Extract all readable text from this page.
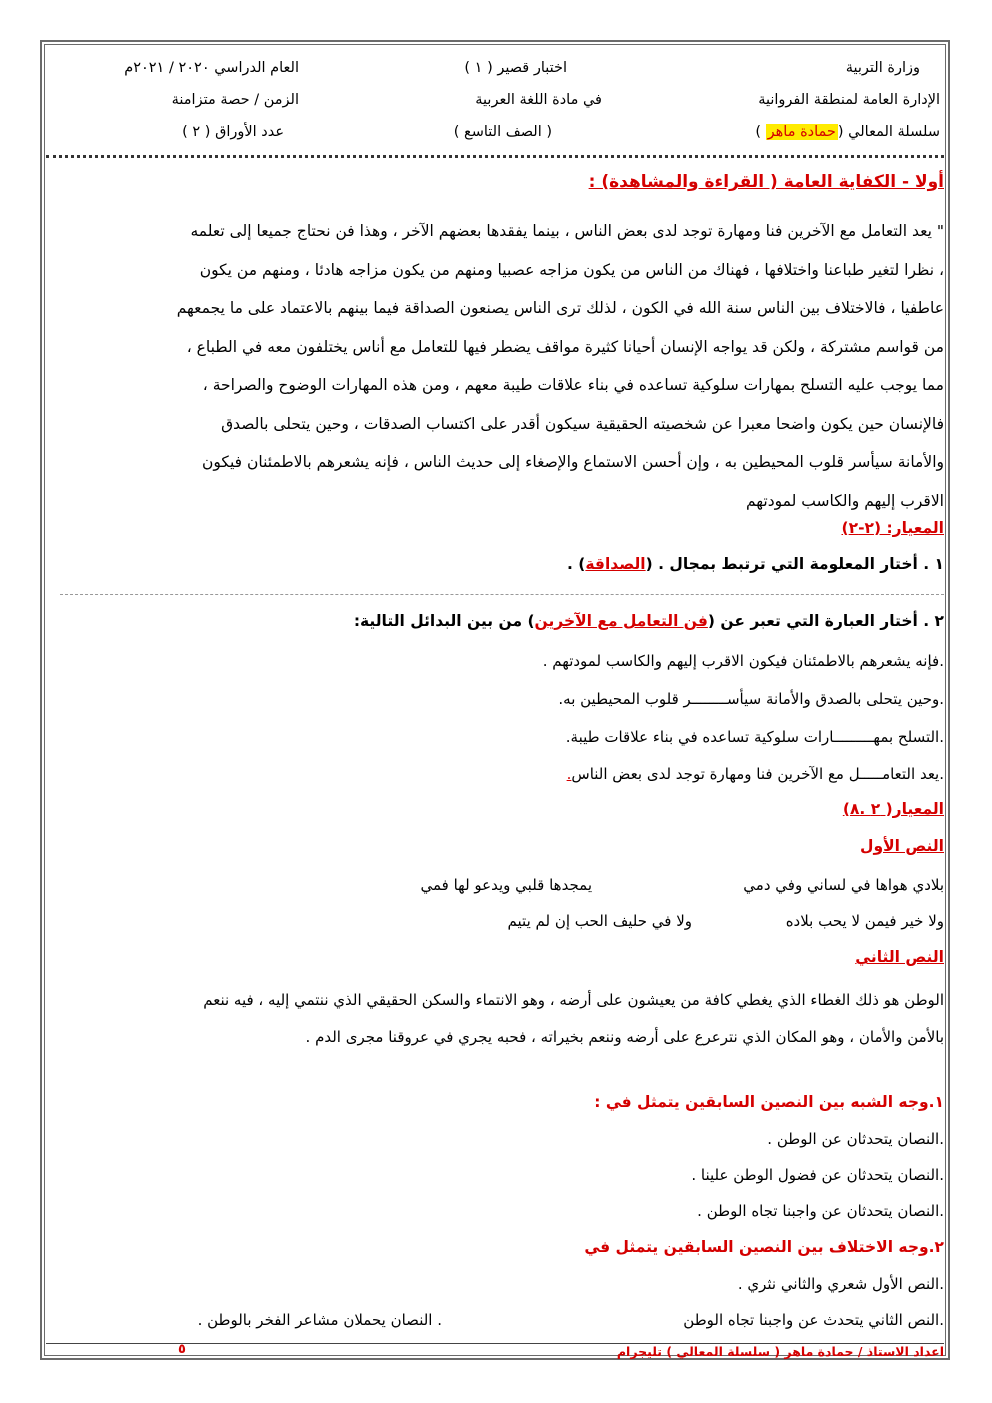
وزارة التربية
الإدارة العامة لمنطقة الفروانية
سلسلة المعالي (حمادة ماهر )
اختبار قصير ( ١ )
في مادة اللغة العربية
( الصف التاسع )
العام الدراسي ٢٠٢٠ / ٢٠٢١م
الزمن / حصة متزامنة
عدد الأوراق ( ٢ )
أولا - الكفاية العامة ( القراءة والمشاهدة) :

" يعد التعامل مع الآخرين فنا ومهارة توجد لدى بعض الناس ، بينما يفقدها بعضهم الآخر ، وهذا فن نحتاج جميعا إلى تعلمه

، نظرا لتغير طباعنا واختلافها ، فهناك من الناس من يكون مزاجه عصبيا ومنهم من يكون مزاجه هادئا ، ومنهم من يكون

عاطفيا ، فالاختلاف بين الناس سنة الله في الكون ، لذلك ترى الناس يصنعون الصداقة فيما بينهم بالاعتماد على ما يجمعهم

من قواسم مشتركة ، ولكن قد يواجه الإنسان أحيانا كثيرة مواقف يضطر فيها للتعامل مع أناس يختلفون معه في الطباع ،

مما يوجب عليه التسلح بمهارات سلوكية تساعده في بناء علاقات طيبة معهم ، ومن هذه المهارات الوضوح والصراحة ،

فالإنسان حين يكون واضحا معبرا عن شخصيته الحقيقية سيكون أقدر على اكتساب الصدقات ، وحين يتحلى بالصدق

والأمانة سيأسر قلوب المحيطين به ، وإن أحسن الاستماع والإصغاء إلى حديث الناس ، فإنه يشعرهم بالاطمئنان فيكون

الاقرب إليهم والكاسب لمودتهم

المعيار: (٢-٢)
١ . أختار المعلومة التي ترتبط بمجال . (الصداقة) .
٢ . أختار العبارة التي تعبر عن (فن التعامل مع الآخرين) من بين البدائل التالية:
.فإنه يشعرهم بالاطمئنان فيكون الاقرب إليهم والكاسب لمودتهم .
.وحين يتحلى بالصدق والأمانة سيأســــــــر قلوب المحيطين به.
.التسلح بمهـــــــــارات سلوكية تساعده في بناء علاقات طيبة.
.يعد التعامـــــل مع الآخرين فنا ومهارة توجد لدى بعض الناس.
المعيار( ٢ .٨)
النص الأول
بلادي هواها في لساني وفي دمي
يمجدها قلبي ويدعو لها فمي
ولا خير فيمن لا يحب بلاده
ولا في حليف الحب إن لم يتيم
النص الثاني

الوطن هو ذلك الغطاء الذي يغطي كافة من يعيشون على أرضه ، وهو الانتماء والسكن الحقيقي الذي ننتمي إليه ، فيه ننعم

بالأمن والأمان ، وهو المكان الذي نترعرع على أرضه وننعم بخيراته ، فحبه يجري في عروقنا مجرى الدم .

١.وجه الشبه بين النصين السابقين يتمثل في :
.النصان يتحدثان عن الوطن .
.النصان يتحدثان عن فضول الوطن علينا .
.النصان يتحدثان عن واجبنا تجاه الوطن .
٢.وجه الاختلاف بين النصين السابقين يتمثل في
.النص الأول شعري والثاني نثري .
.النص الثاني يتحدث عن واجبنا تجاه الوطن
. النصان يحملان مشاعر الفخر بالوطن .
اعداد الاستاذ / حمادة ماهر ( سلسلة المعالي ) تليجرام
٥
